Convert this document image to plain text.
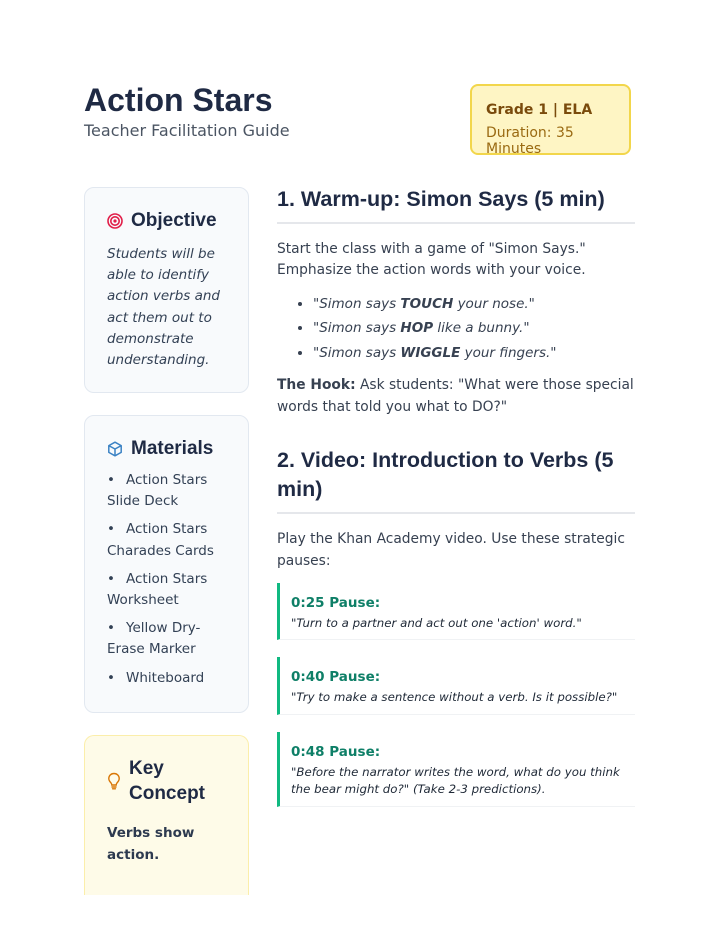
Action Stars
Teacher Facilitation Guide
Grade 1 | ELA
Duration: 35 Minutes
Objective

Students will be able to identify action verbs and act them out to demonstrate understanding.

Materials
• Action Stars Slide Deck
• Action Stars Charades Cards
• Action Stars Worksheet
• Yellow Dry-Erase Marker
• Whiteboard
Key Concept

Verbs show action.

1. Warm-up: Simon Says (5 min)

Start the class with a game of "Simon Says." Emphasize the action words with your voice.

• "Simon says TOUCH your nose."
• "Simon says HOP like a bunny."
• "Simon says WIGGLE your fingers."

The Hook: Ask students: "What were those special words that told you what to DO?"

2. Video: Introduction to Verbs (5 min)

Play the Khan Academy video. Use these strategic pauses:

0:25 Pause:
"Turn to a partner and act out one 'action' word."
0:40 Pause:
"Try to make a sentence without a verb. Is it possible?"
0:48 Pause:
"Before the narrator writes the word, what do you think the bear might do?" (Take 2-3 predictions).
